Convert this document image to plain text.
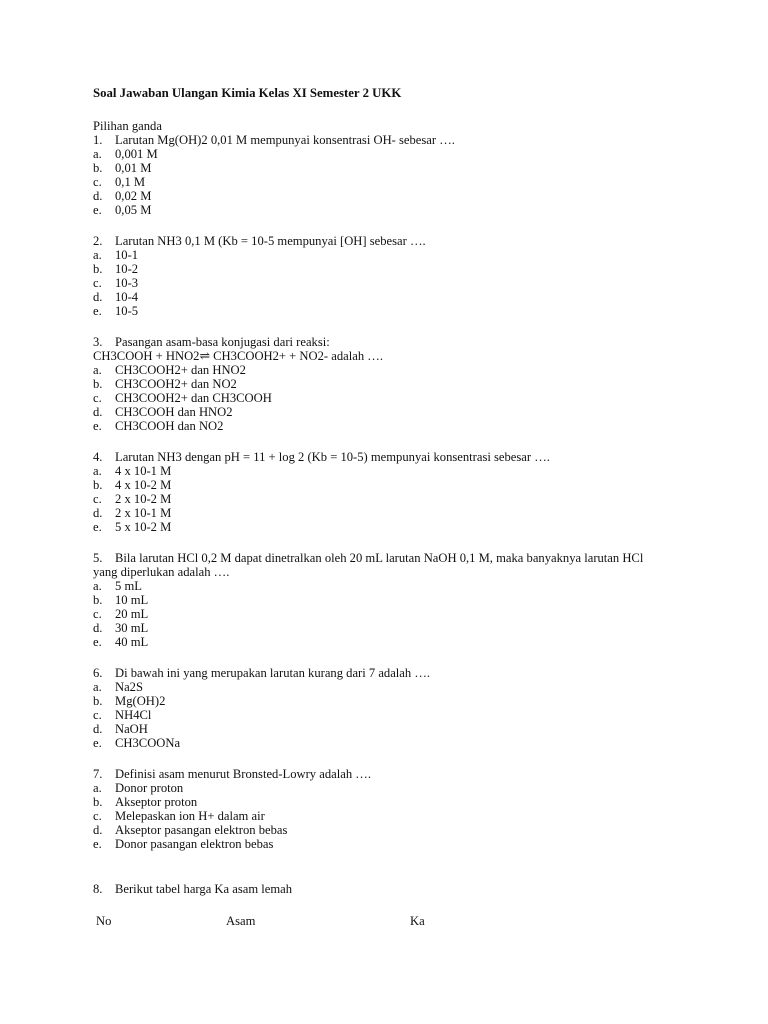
Soal Jawaban Ulangan Kimia Kelas XI Semester 2 UKK
Pilihan ganda
1. Larutan Mg(OH)2 0,01 M mempunyai konsentrasi OH- sebesar ….
a. 0,001 M
b. 0,01 M
c. 0,1 M
d. 0,02 M
e. 0,05 M
2. Larutan NH3 0,1 M (Kb = 10-5 mempunyai [OH] sebesar ….
a. 10-1
b. 10-2
c. 10-3
d. 10-4
e. 10-5
3. Pasangan asam-basa konjugasi dari reaksi:
CH3COOH + HNO2⇌ CH3COOH2+ + NO2- adalah ….
a. CH3COOH2+ dan HNO2
b. CH3COOH2+ dan NO2
c. CH3COOH2+ dan CH3COOH
d. CH3COOH dan HNO2
e. CH3COOH dan NO2
4. Larutan NH3 dengan pH = 11 + log 2 (Kb = 10-5) mempunyai konsentrasi sebesar ….
a. 4 x 10-1 M
b. 4 x 10-2 M
c. 2 x 10-2 M
d. 2 x 10-1 M
e. 5 x 10-2 M
5. Bila larutan HCl 0,2 M dapat dinetralkan oleh 20 mL larutan NaOH 0,1 M, maka banyaknya larutan HCl
yang diperlukan adalah ….
a. 5 mL
b. 10 mL
c. 20 mL
d. 30 mL
e. 40 mL
6. Di bawah ini yang merupakan larutan kurang dari 7 adalah ….
a. Na2S
b. Mg(OH)2
c. NH4Cl
d. NaOH
e. CH3COONa
7. Definisi asam menurut Bronsted-Lowry adalah ….
a. Donor proton
b. Akseptor proton
c. Melepaskan ion H+ dalam air
d. Akseptor pasangan elektron bebas
e. Donor pasangan elektron bebas
8. Berikut tabel harga Ka asam lemah
No	Asam	Ka
